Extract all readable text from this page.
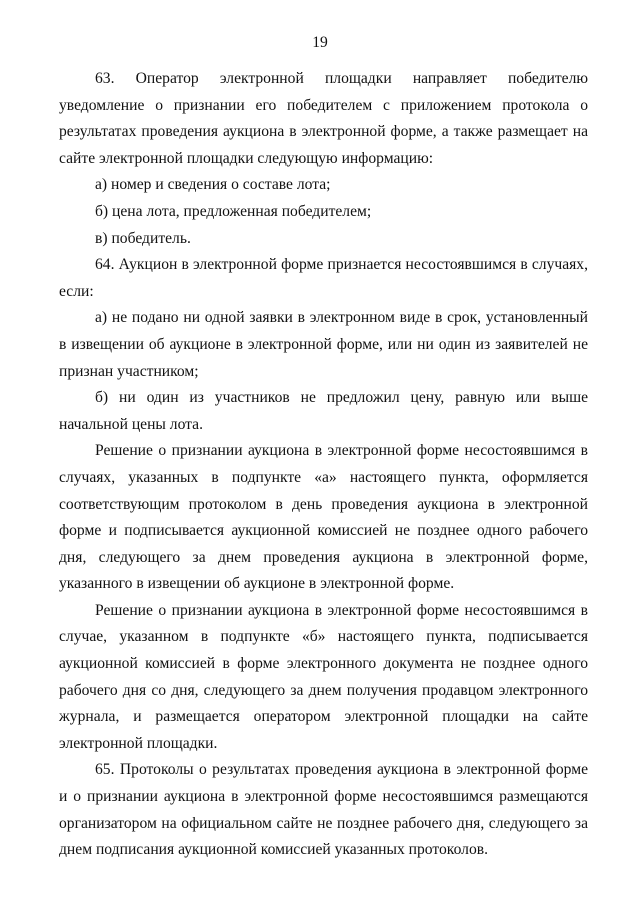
19

63. Оператор электронной площадки направляет победителю уведомление о признании его победителем с приложением протокола о результатах проведения аукциона в электронной форме, а также размещает на сайте электронной площадки следующую информацию:

а) номер и сведения о составе лота;

б) цена лота, предложенная победителем;

в) победитель.

64. Аукцион в электронной форме признается несостоявшимся в случаях, если:

а) не подано ни одной заявки в электронном виде в срок, установленный в извещении об аукционе в электронной форме, или ни один из заявителей не признан участником;

б) ни один из участников не предложил цену, равную или выше начальной цены лота.

Решение о признании аукциона в электронной форме несостоявшимся в случаях, указанных в подпункте «а» настоящего пункта, оформляется соответствующим протоколом в день проведения аукциона в электронной форме и подписывается аукционной комиссией не позднее одного рабочего дня, следующего за днем проведения аукциона в электронной форме, указанного в извещении об аукционе в электронной форме.

Решение о признании аукциона в электронной форме несостоявшимся в случае, указанном в подпункте «б» настоящего пункта, подписывается аукционной комиссией в форме электронного документа не позднее одного рабочего дня со дня, следующего за днем получения продавцом электронного журнала, и размещается оператором электронной площадки на сайте электронной площадки.

65. Протоколы о результатах проведения аукциона в электронной форме и о признании аукциона в электронной форме несостоявшимся размещаются организатором на официальном сайте не позднее рабочего дня, следующего за днем подписания аукционной комиссией указанных протоколов.
